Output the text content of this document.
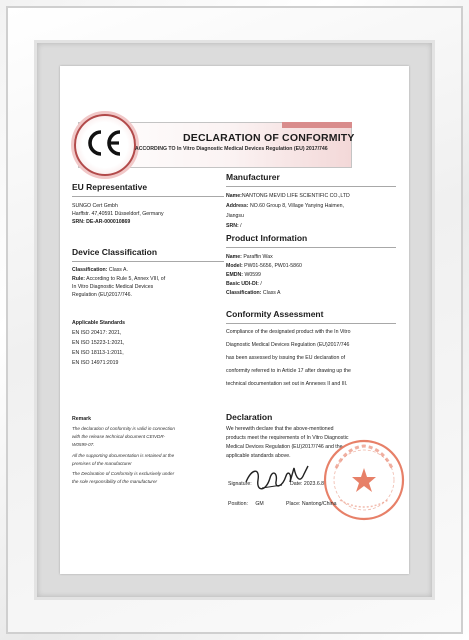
DECLARATION OF CONFORMITY
ACCORDING TO In Vitro Diagnostic Medical Devices Regulation (EU) 2017/746
EU Representative
SUNGO Cert Gmbh
Harffstr. 47,40591 Düsseldorf, Germany
SRN: DE-AR-000010869
Device Classification
Classification: Class A.
Rule: According to Rule 5, Annex VIII, of
In Vitro Diagnostic Medical Devices
Regulation (EU)2017/746.
Applicable Standards
EN ISO 20417: 2021,
EN ISO 15223-1:2021,
EN ISO 18113-1:2011,
EN ISO 14971:2019
Remark
The declaration of conformity is valid in connection
with the release technical document CEIVDR-
W0599-07.
All the supporting documentation is retained at the
premises of the manufacturer
The Declaration of Conformity is exclusively under
the sole responsibility of the manufacturer
Manufacturer
Name:NANTONG MEVID LIFE SCIENTIFIC CO.,LTD
Address: NO.60 Group 8, Village Yanying Haimen,
Jiangsu
SRN: /
Product Information
Name: Paraffin Wax
Model: PW01-5656, PW01-5860
EMDN: W0599
Basic UDI-DI: /
Classification: Class A
Conformity Assessment
Compliance of the designated product with the In Vitro
Diagnostic Medical Devices Regulation (EU)2017/746
has been assessed by issuing the EU declaration of
conformity referred to in Article 17 after drawing up the
technical documentation set out in Annexes II and III.
Declaration
We herewith declare that the above-mentioned
products meet the requirements of In Vitro Diagnostic
Medical Devices Regulation (EU)2017/746 and the
applicable standards above.
Signature:	Date: 2023.6.8
Position: GM	Place: Nantong/China
